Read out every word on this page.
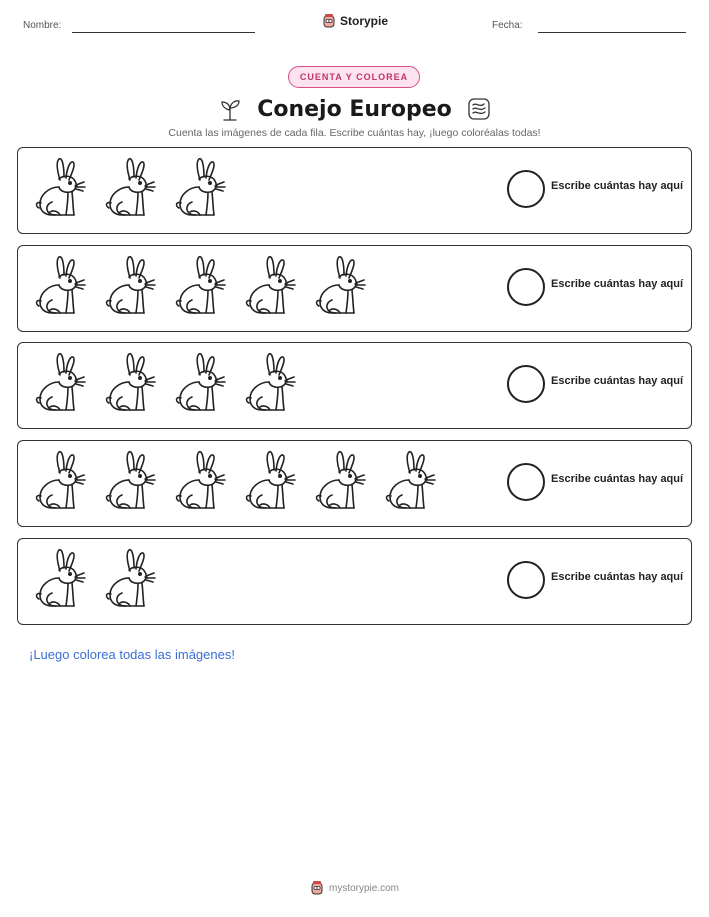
Nombre:	Storypie	Fecha:
CUENTA Y COLOREA
Conejo Europeo
Cuenta las imágenes de cada fila. Escribe cuántas hay, ¡luego coloréalas todas!
Escribe cuántas hay aquí
Escribe cuántas hay aquí
Escribe cuántas hay aquí
Escribe cuántas hay aquí
Escribe cuántas hay aquí
¡Luego colorea todas las imágenes!
mystorypie.com
